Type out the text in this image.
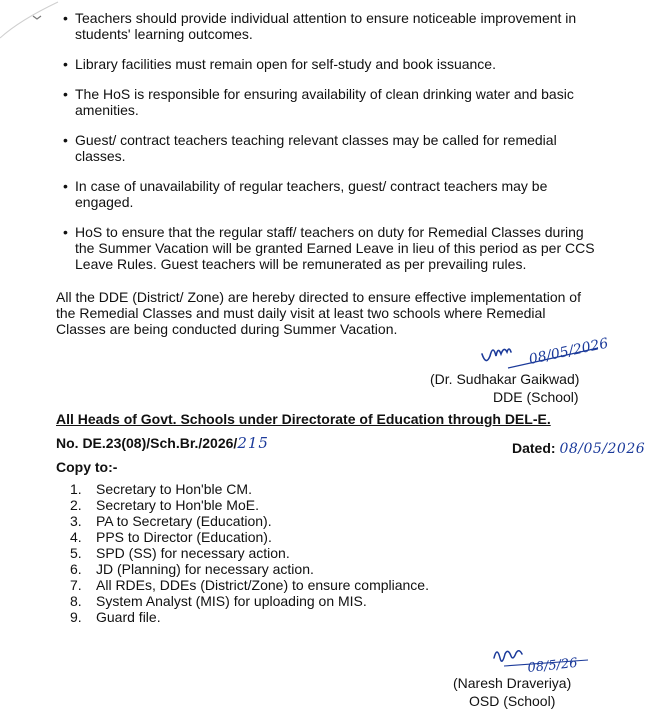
• Teachers should provide individual attention to ensure noticeable improvement in students' learning outcomes.
• Library facilities must remain open for self-study and book issuance.
• The HoS is responsible for ensuring availability of clean drinking water and basic amenities.
• Guest/ contract teachers teaching relevant classes may be called for remedial classes.
• In case of unavailability of regular teachers, guest/ contract teachers may be engaged.
• HoS to ensure that the regular staff/ teachers on duty for Remedial Classes during the Summer Vacation will be granted Earned Leave in lieu of this period as per CCS Leave Rules. Guest teachers will be remunerated as per prevailing rules.
All the DDE (District/ Zone) are hereby directed to ensure effective implementation of the Remedial Classes and must daily visit at least two schools where Remedial Classes are being conducted during Summer Vacation.
08/05/2026
(Dr. Sudhakar Gaikwad)
DDE (School)
All Heads of Govt. Schools under Directorate of Education through DEL-E.
No. DE.23(08)/Sch.Br./2026/215	Dated: 08/05/2026
Copy to:-
1. Secretary to Hon'ble CM.
2. Secretary to Hon'ble MoE.
3. PA to Secretary (Education).
4. PPS to Director (Education).
5. SPD (SS) for necessary action.
6. JD (Planning) for necessary action.
7. All RDEs, DDEs (District/Zone) to ensure compliance.
8. System Analyst (MIS) for uploading on MIS.
9. Guard file.
08/5/26
(Naresh Draveriya)
OSD (School)
